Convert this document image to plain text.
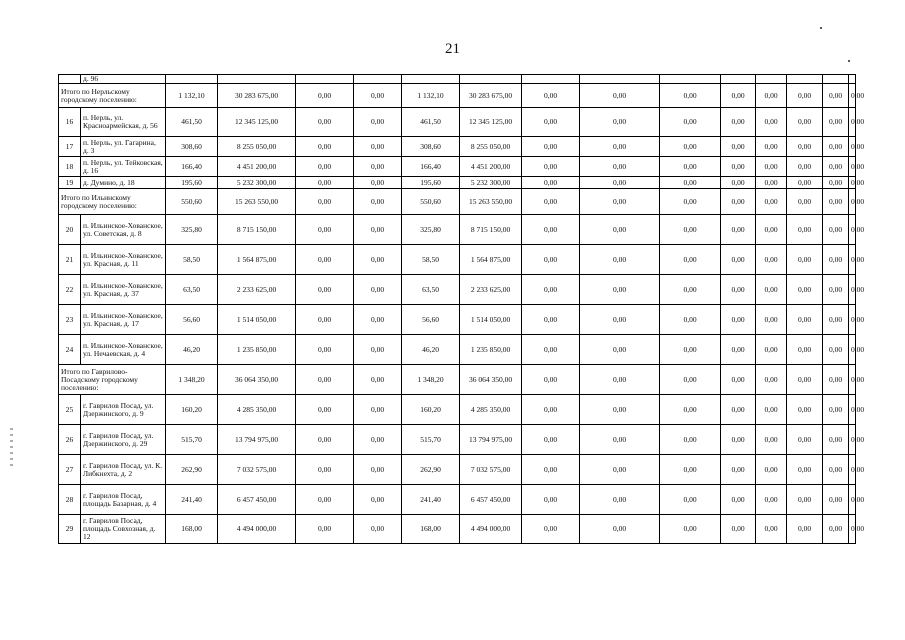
21
	д. 96														
Итого по Нерльскому городскому поселению:		1 132,10	30 283 675,00	0,00	0,00	1 132,10	30 283 675,00	0,00	0,00	0,00	0,00	0,00	0,00	0,00	0,00
16	п. Нерль, ул. Красноармейская, д. 56	461,50	12 345 125,00	0,00	0,00	461,50	12 345 125,00	0,00	0,00	0,00	0,00	0,00	0,00	0,00	0,00
17	п. Нерль, ул. Гагарина, д. 3	308,60	8 255 050,00	0,00	0,00	308,60	8 255 050,00	0,00	0,00	0,00	0,00	0,00	0,00	0,00	0,00
18	п. Нерль, ул. Тейковская, д. 16	166,40	4 451 200,00	0,00	0,00	166,40	4 451 200,00	0,00	0,00	0,00	0,00	0,00	0,00	0,00	0,00
19	д. Думино, д. 18	195,60	5 232 300,00	0,00	0,00	195,60	5 232 300,00	0,00	0,00	0,00	0,00	0,00	0,00	0,00	0,00
Итого по Ильинскому городскому поселению:		550,60	15 263 550,00	0,00	0,00	550,60	15 263 550,00	0,00	0,00	0,00	0,00	0,00	0,00	0,00	0,00
20	п. Ильинское-Хованское, ул. Советская, д. 8	325,80	8 715 150,00	0,00	0,00	325,80	8 715 150,00	0,00	0,00	0,00	0,00	0,00	0,00	0,00	0,00
21	п. Ильинское-Хованское, ул. Красная, д. 11	58,50	1 564 875,00	0,00	0,00	58,50	1 564 875,00	0,00	0,00	0,00	0,00	0,00	0,00	0,00	0,00
22	п. Ильинское-Хованское, ул. Красная, д. 37	63,50	2 233 625,00	0,00	0,00	63,50	2 233 625,00	0,00	0,00	0,00	0,00	0,00	0,00	0,00	0,00
23	п. Ильинское-Хованское, ул. Красная, д. 17	56,60	1 514 050,00	0,00	0,00	56,60	1 514 050,00	0,00	0,00	0,00	0,00	0,00	0,00	0,00	0,00
24	п. Ильинское-Хованское, ул. Нечаевская, д. 4	46,20	1 235 850,00	0,00	0,00	46,20	1 235 850,00	0,00	0,00	0,00	0,00	0,00	0,00	0,00	0,00
Итого по Гаврилово-Посадскому городскому поселению:		1 348,20	36 064 350,00	0,00	0,00	1 348,20	36 064 350,00	0,00	0,00	0,00	0,00	0,00	0,00	0,00	0,00
25	г. Гаврилов Посад, ул. Дзержинского, д. 9	160,20	4 285 350,00	0,00	0,00	160,20	4 285 350,00	0,00	0,00	0,00	0,00	0,00	0,00	0,00	0,00
26	г. Гаврилов Посад, ул. Дзержинского, д. 29	515,70	13 794 975,00	0,00	0,00	515,70	13 794 975,00	0,00	0,00	0,00	0,00	0,00	0,00	0,00	0,00
27	г. Гаврилов Посад, ул. К. Либкнехта, д. 2	262,90	7 032 575,00	0,00	0,00	262,90	7 032 575,00	0,00	0,00	0,00	0,00	0,00	0,00	0,00	0,00
28	г. Гаврилов Посад, площадь Базарная, д. 4	241,40	6 457 450,00	0,00	0,00	241,40	6 457 450,00	0,00	0,00	0,00	0,00	0,00	0,00	0,00	0,00
29	г. Гаврилов Посад, площадь Совхозная, д. 12	168,00	4 494 000,00	0,00	0,00	168,00	4 494 000,00	0,00	0,00	0,00	0,00	0,00	0,00	0,00	0,00
